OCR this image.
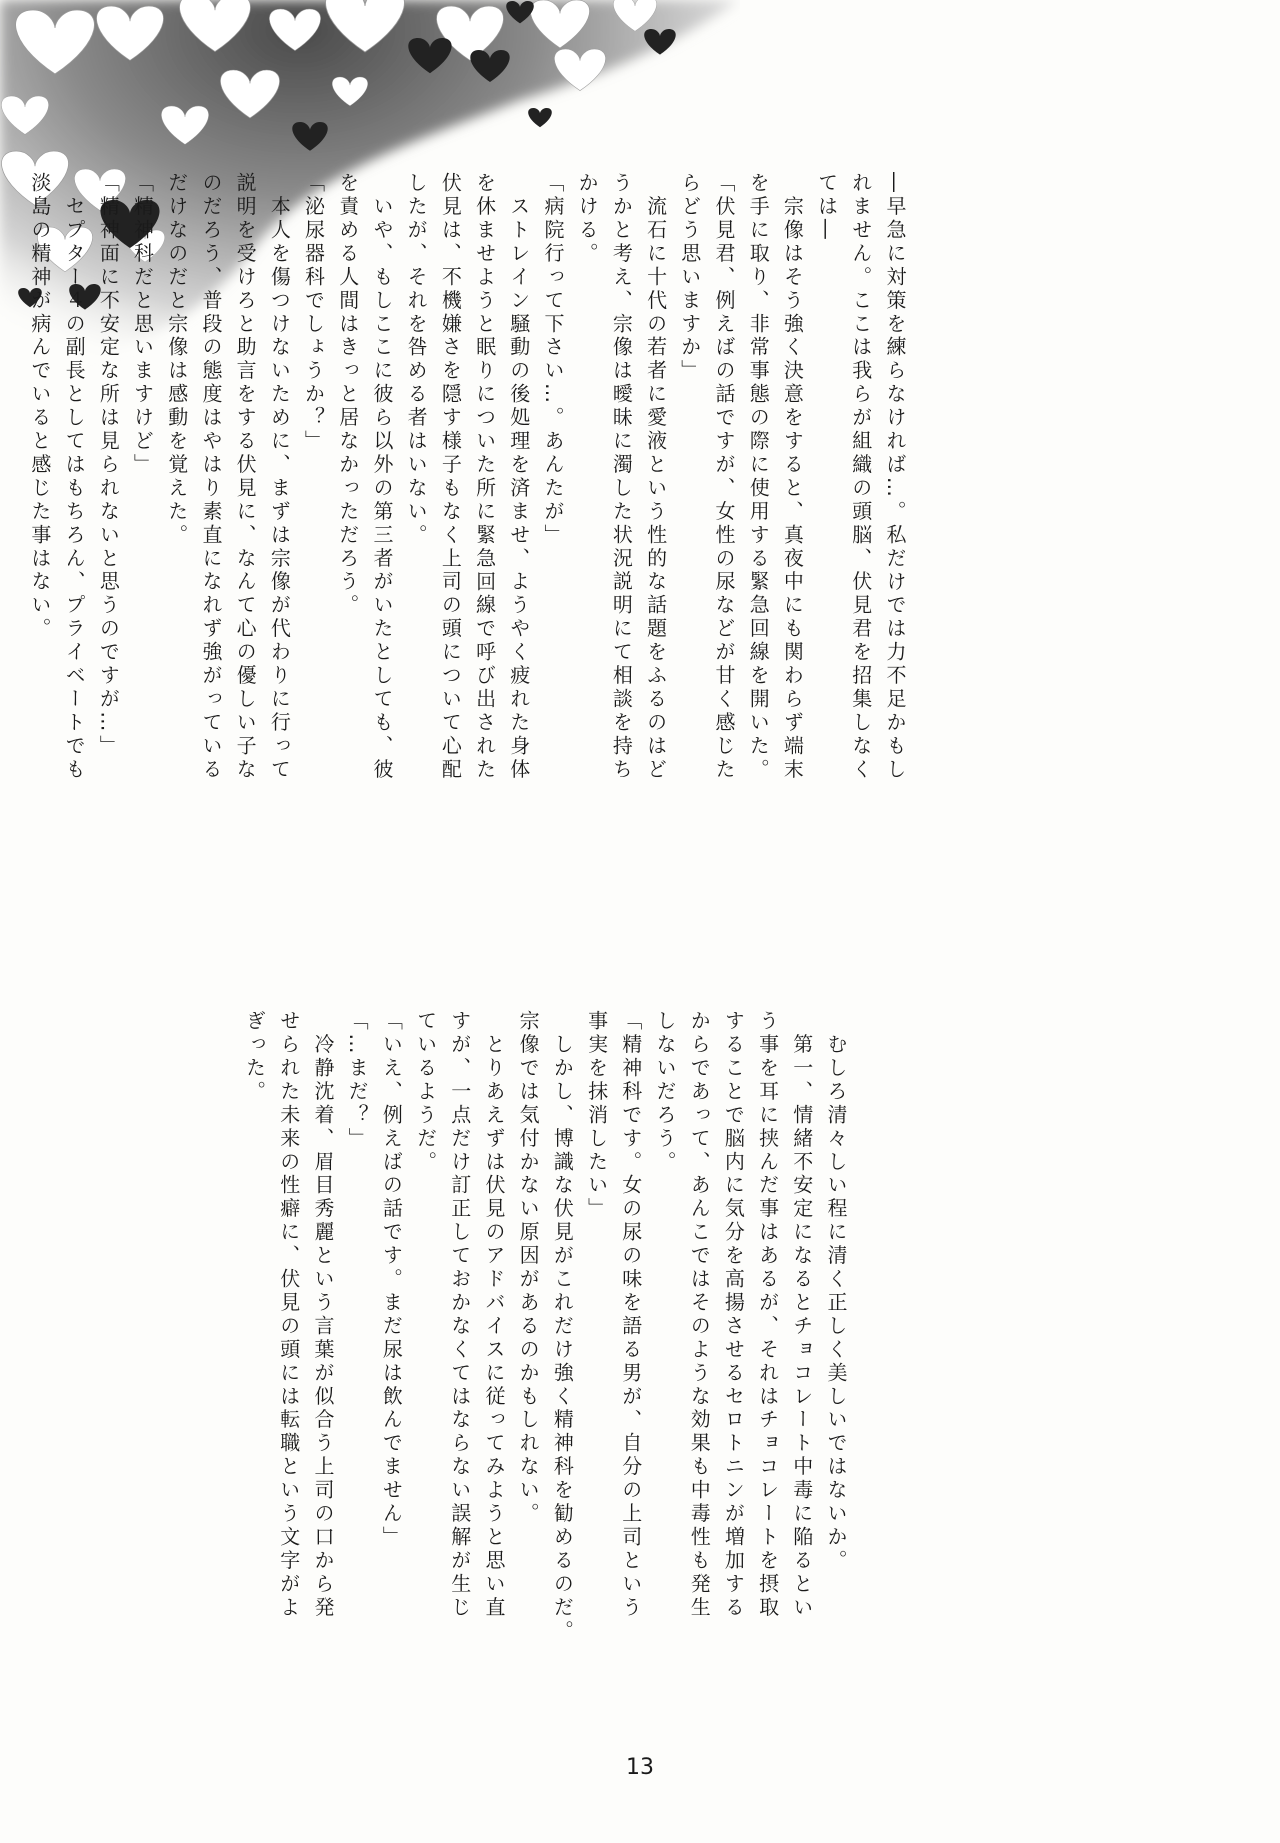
―早急に対策を練らなければ…。私だけでは力不足かもし

れません。ここは我らが組織の頭脳、伏見君を招集しなく

ては―

　宗像はそう強く決意をすると、真夜中にも関わらず端末

を手に取り、非常事態の際に使用する緊急回線を開いた。

「伏見君、例えばの話ですが、女性の尿などが甘く感じた

らどう思いますか」

　流石に十代の若者に愛液という性的な話題をふるのはど

うかと考え、宗像は曖昧に濁した状況説明にて相談を持ち

かける。

「病院行って下さい…。あんたが」

　ストレイン騒動の後処理を済ませ、ようやく疲れた身体

を休ませようと眠りについた所に緊急回線で呼び出された

伏見は、不機嫌さを隠す様子もなく上司の頭について心配

したが、それを咎める者はいない。

　いや、もしここに彼ら以外の第三者がいたとしても、彼

を責める人間はきっと居なかっただろう。

「泌尿器科でしょうか？」

　本人を傷つけないために、まずは宗像が代わりに行って

説明を受けろと助言をする伏見に、なんて心の優しい子な

のだろう、普段の態度はやはり素直になれず強がっている

だけなのだと宗像は感動を覚えた。

「精神科だと思いますけど」

「精神面に不安定な所は見られないと思うのですが…」

　セプター４の副長としてはもちろん、プライベートでも

淡島の精神が病んでいると感じた事はない。

　むしろ清々しい程に清く正しく美しいではないか。

　第一、情緒不安定になるとチョコレート中毒に陥るとい

う事を耳に挟んだ事はあるが、それはチョコレートを摂取

することで脳内に気分を高揚させるセロトニンが増加する

からであって、あんこではそのような効果も中毒性も発生

しないだろう。

「精神科です。女の尿の味を語る男が、自分の上司という

事実を抹消したい」

　しかし、博識な伏見がこれだけ強く精神科を勧めるのだ。

宗像では気付かない原因があるのかもしれない。

　とりあえずは伏見のアドバイスに従ってみようと思い直

すが、一点だけ訂正しておかなくてはならない誤解が生じ

ているようだ。

「いえ、例えばの話です。まだ尿は飲んでません」

「…まだ？」

　冷静沈着、眉目秀麗という言葉が似合う上司の口から発

せられた未来の性癖に、伏見の頭には転職という文字がよ

ぎった。

13
